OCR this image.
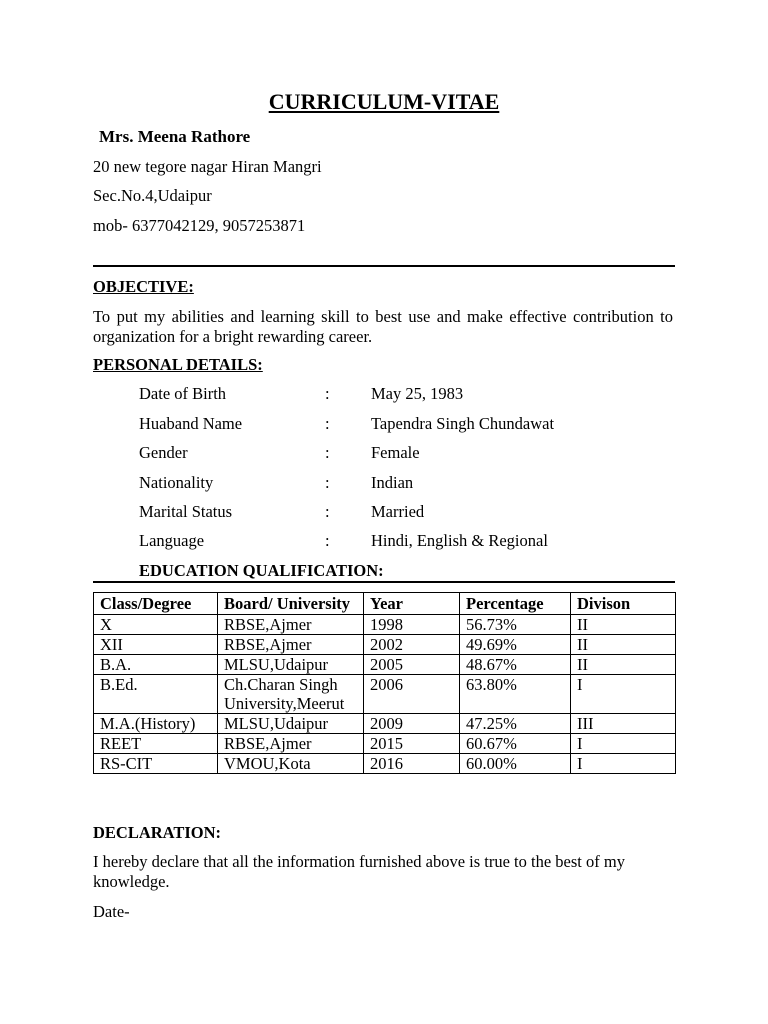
CURRICULUM-VITAE
Mrs. Meena Rathore
20 new tegore nagar Hiran Mangri
Sec.No.4,Udaipur
mob- 6377042129, 9057253871
OBJECTIVE:
To put my abilities and learning skill to best use and make effective contribution to organization for a bright rewarding career.
PERSONAL DETAILS:
Date of Birth	:	May 25, 1983
Huaband Name	:	Tapendra Singh Chundawat
Gender	:	Female
Nationality	:	Indian
Marital Status	:	Married
Language	:	Hindi, English & Regional
EDUCATION QUALIFICATION:
Class/Degree	Board/ University	Year	Percentage	Divison
X	RBSE,Ajmer	1998	56.73%	II
XII	RBSE,Ajmer	2002	49.69%	II
B.A.	MLSU,Udaipur	2005	48.67%	II
B.Ed.	Ch.Charan Singh University,Meerut	2006	63.80%	I
M.A.(History)	MLSU,Udaipur	2009	47.25%	III
REET	RBSE,Ajmer	2015	60.67%	I
RS-CIT	VMOU,Kota	2016	60.00%	I
DECLARATION:
I hereby declare that all the information furnished above is true to the best of my knowledge.
Date-
